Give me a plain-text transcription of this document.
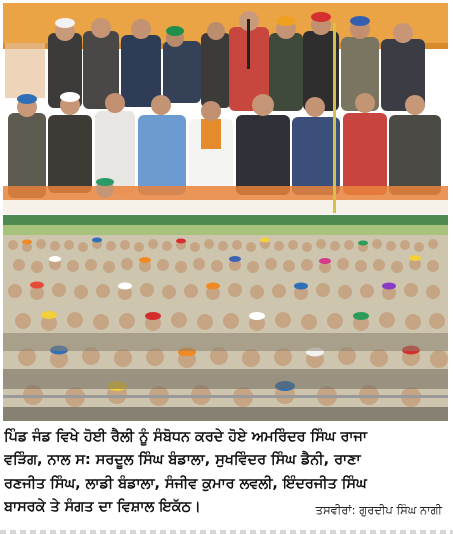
ਪਿੰਡ ਜੰਡ ਵਿਖੇ ਹੋਈ ਰੈਲੀ ਨੂੰ ਸੰਬੋਧਨ ਕਰਦੇ ਹੋਏ ਅਮਰਿੰਦਰ ਸਿੰਘ ਰਾਜਾ
ਵੜਿੰਗ, ਨਾਲ ਸ: ਸਰਦੂਲ ਸਿੰਘ ਬੰਡਾਲਾ, ਸੁਖਵਿੰਦਰ ਸਿੰਘ ਡੈਨੀ, ਰਾਣਾ
ਰਣਜੀਤ ਸਿੰਘ, ਲਾਡੀ ਬੰਡਾਲਾ, ਸੰਜੀਵ ਕੁਮਾਰ ਲਵਲੀ, ਇੰਦਰਜੀਤ ਸਿੰਘ
ਬਾਸਰਕੇ ਤੇ ਸੰਗਤ ਦਾ ਵਿਸ਼ਾਲ ਇਕੱਠ।	ਤਸਵੀਰਾਂ: ਗੁਰਦੀਪ ਸਿੰਘ ਨਾਗੀ
